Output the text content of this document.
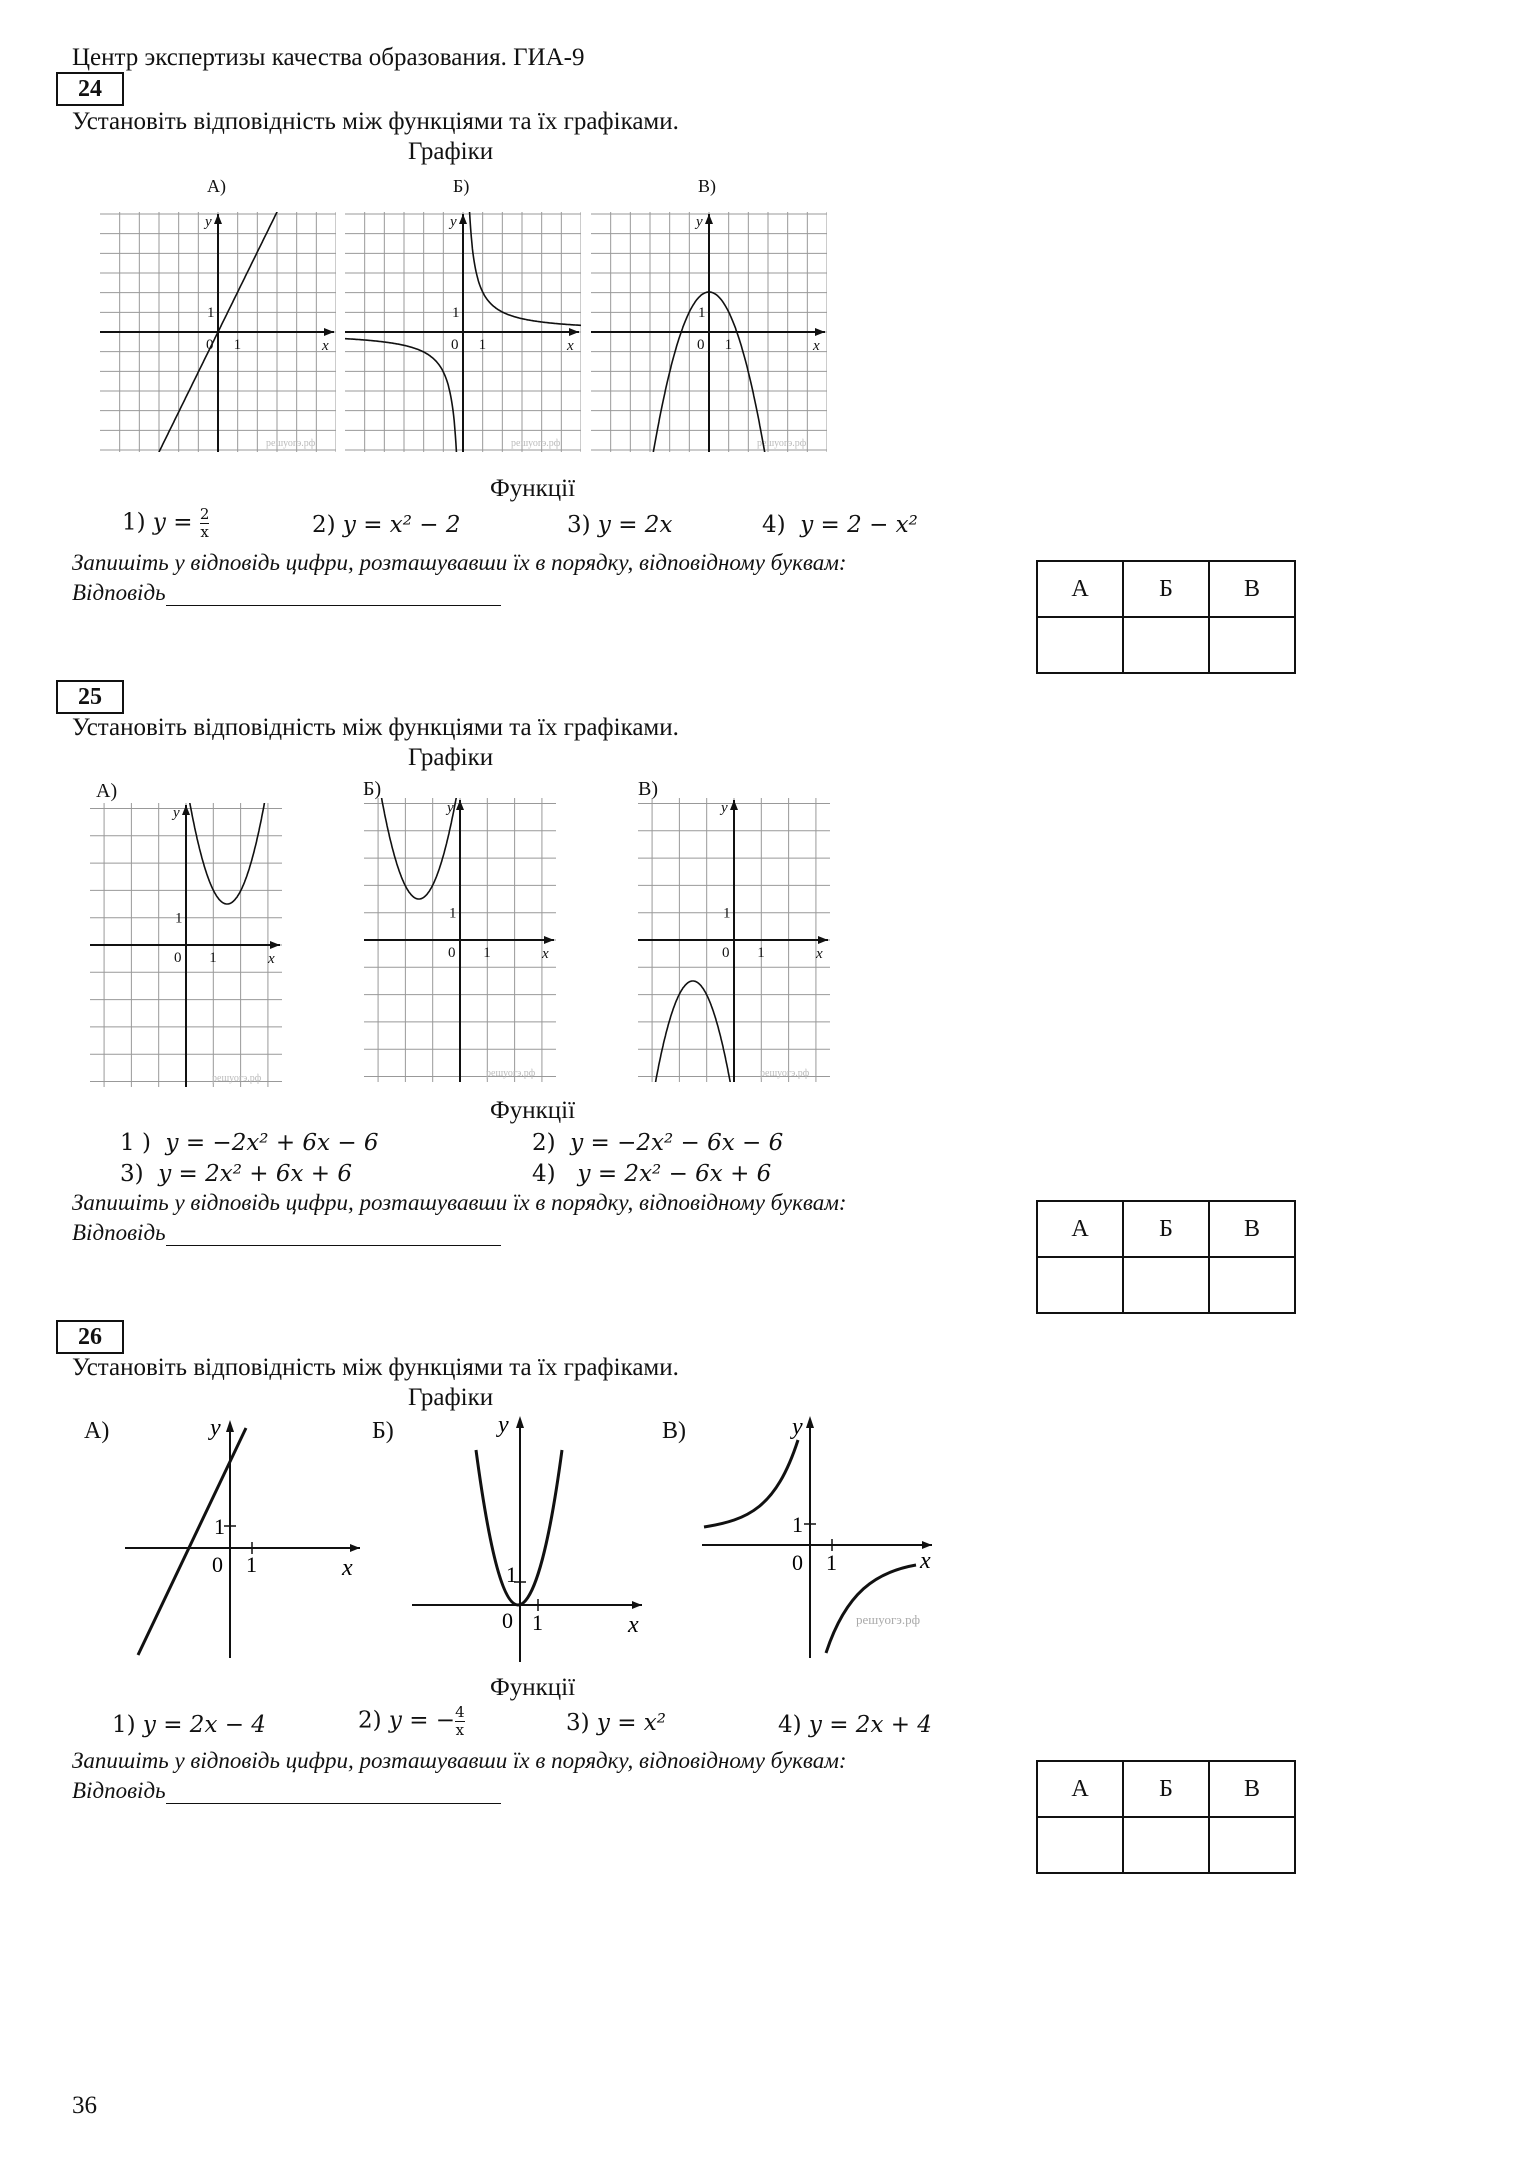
Центр экспертизы качества образования. ГИА-9
24
Установіть відповідність між функціями та їх графіками.
Графіки
А)	Б)	В)
y
x
0 1
1
решуогэ.рф
y
x
0 1
1
решуогэ.рф
y
x
0 1
1
решуогэ.рф
Функції
1) $y = \frac{2}{x}$	2) y = x² − 2	3) y = 2x	4) y = 2 − x²
Запишіть у відповідь цифри, розташувавши їх в порядку, відповідному буквам:
Відповідь	А	Б	В

25
Установіть відповідність між функціями та їх графіками.
Графіки
А)	Б)	В)
y
x
0 1
1
решуогэ.рф
y
x
0 1
1
решуогэ.рф
y
x
0 1
1
решуогэ.рф
Функції
1 ) y = −2x² + 6x − 6	2) y = −2x² − 6x − 6
3) y = 2x² + 6x + 6	4) y = 2x² − 6x + 6
Запишіть у відповідь цифри, розташувавши їх в порядку, відповідному буквам:
Відповідь	А	Б	В

26
Установіть відповідність між функціями та їх графіками.
Графіки
А)	Б)	В)
y
x
0 1
1
y
x
0 1
1
y
x
0 1
1
решуогэ.рф
Функції
1) y = 2x − 4	2) y = − $\frac{4}{x}$	3) y = x²	4) y = 2x + 4
Запишіть у відповідь цифри, розташувавши їх в порядку, відповідному буквам:
Відповідь	А	Б	В

36
